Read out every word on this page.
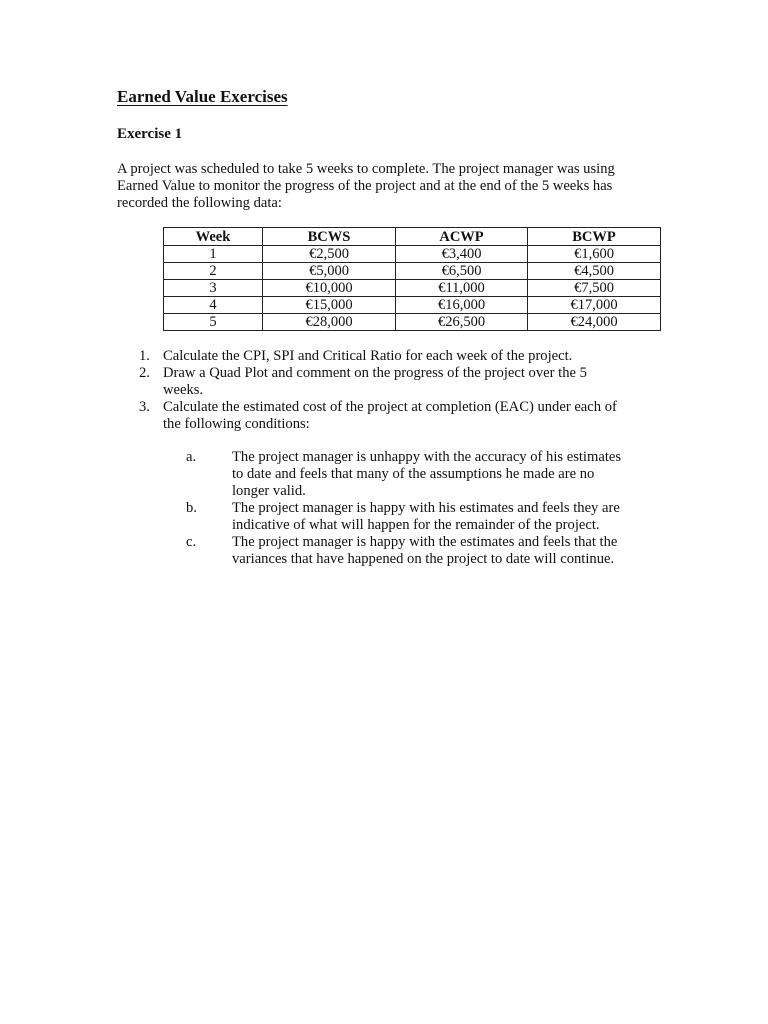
Earned Value Exercises
Exercise 1

A project was scheduled to take 5 weeks to complete. The project manager was using

Earned Value to monitor the progress of the project and at the end of the 5 weeks has

recorded the following data:

Week	BCWS	ACWP	BCWP
1	€2,500	€3,400	€1,600
2	€5,000	€6,500	€4,500
3	€10,000	€11,000	€7,500
4	€15,000	€16,000	€17,000
5	€28,000	€26,500	€24,000
1. Calculate the CPI, SPI and Critical Ratio for each week of the project.

2. Draw a Quad Plot and comment on the progress of the project over the 5
weeks.

3. Calculate the estimated cost of the project at completion (EAC) under each of
the following conditions:

a. The project manager is unhappy with the accuracy of his estimates
to date and feels that many of the assumptions he made are no
longer valid.

b. The project manager is happy with his estimates and feels they are
indicative of what will happen for the remainder of the project.

c. The project manager is happy with the estimates and feels that the
variances that have happened on the project to date will continue.
